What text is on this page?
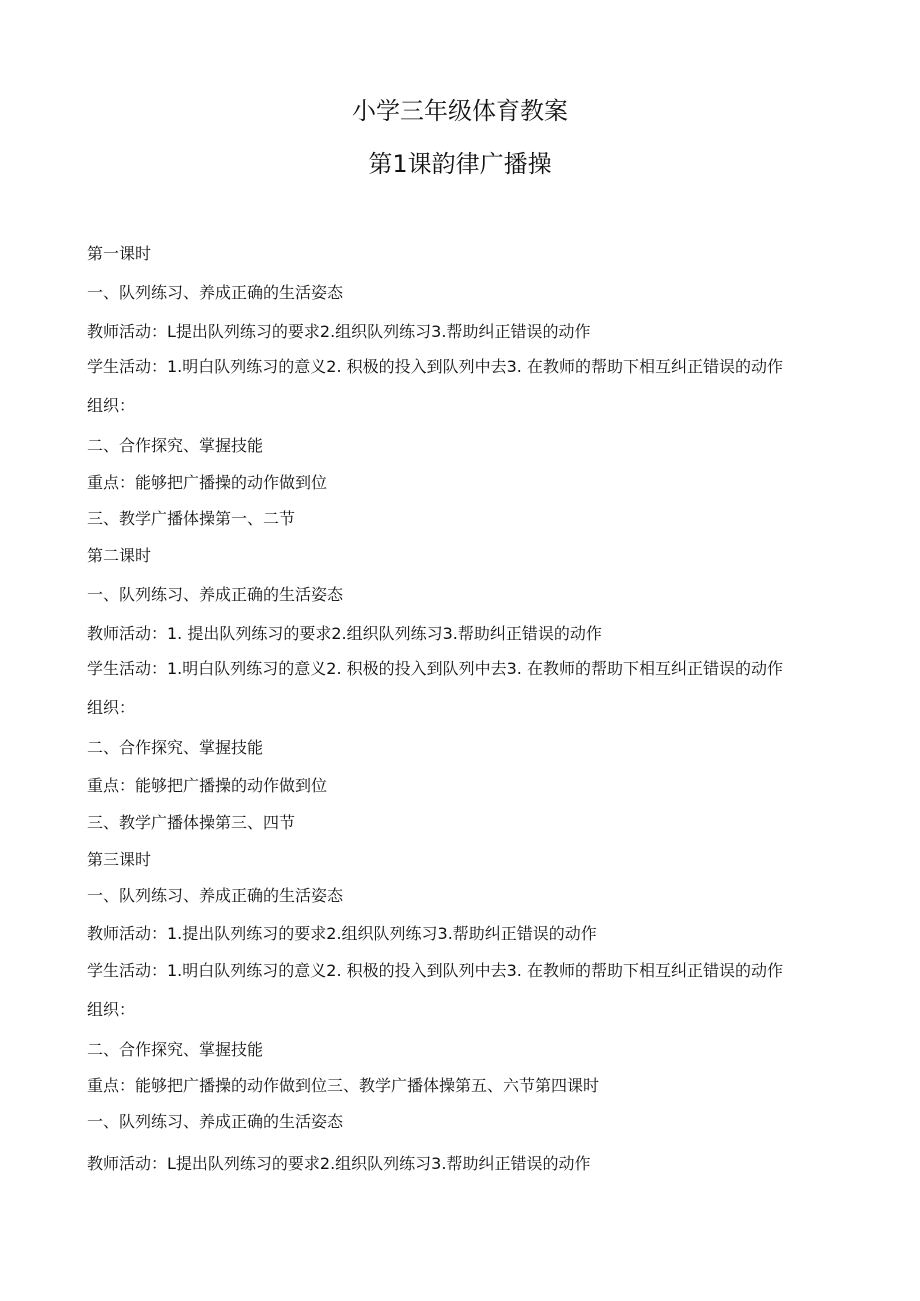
小学三年级体育教案
第1课韵律广播操
第一课时
一、队列练习、养成正确的生活姿态
教师活动：L提出队列练习的要求2.组织队列练习3.帮助纠正错误的动作
学生活动：1.明白队列练习的意义2. 积极的投入到队列中去3. 在教师的帮助下相互纠正错误的动作
组织：
二、合作探究、掌握技能
重点：能够把广播操的动作做到位
三、教学广播体操第一、二节
第二课时
一、队列练习、养成正确的生活姿态
教师活动：1. 提出队列练习的要求2.组织队列练习3.帮助纠正错误的动作
学生活动：1.明白队列练习的意义2. 积极的投入到队列中去3. 在教师的帮助下相互纠正错误的动作
组织：
二、合作探究、掌握技能
重点：能够把广播操的动作做到位
三、教学广播体操第三、四节
第三课时
一、队列练习、养成正确的生活姿态
教师活动：1.提出队列练习的要求2.组织队列练习3.帮助纠正错误的动作
学生活动：1.明白队列练习的意义2. 积极的投入到队列中去3. 在教师的帮助下相互纠正错误的动作
组织：
二、合作探究、掌握技能
重点：能够把广播操的动作做到位三、教学广播体操第五、六节第四课时
一、队列练习、养成正确的生活姿态
教师活动：L提出队列练习的要求2.组织队列练习3.帮助纠正错误的动作
